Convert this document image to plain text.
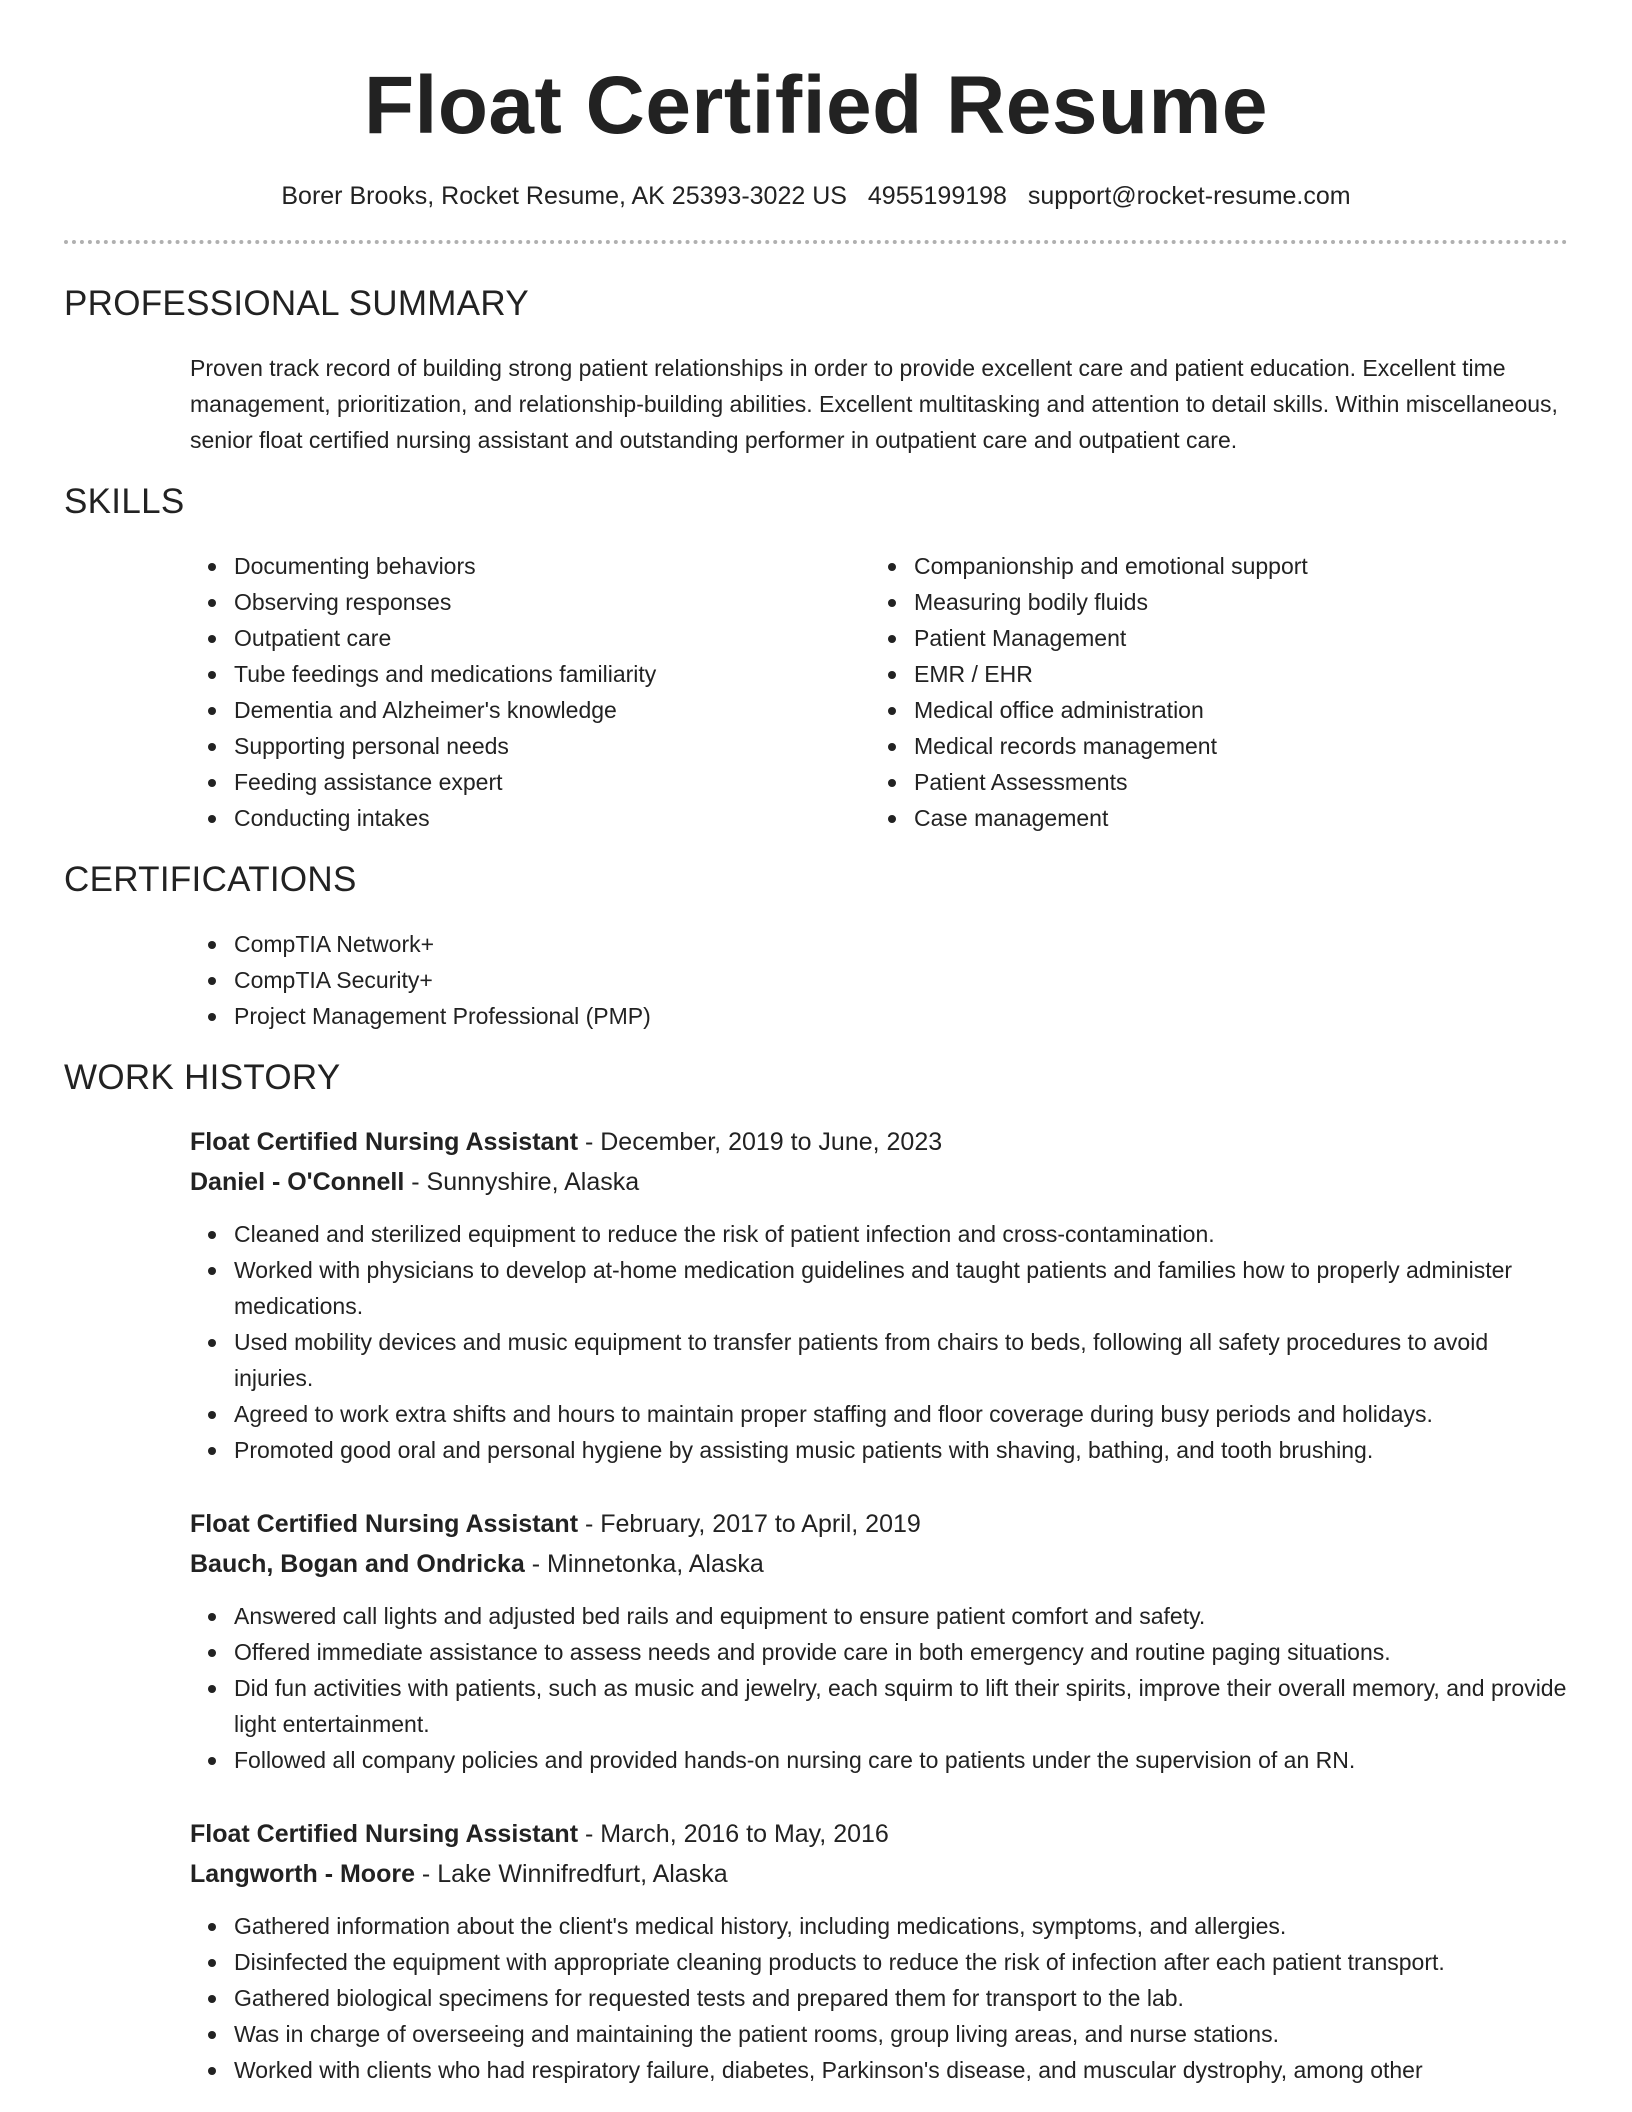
Float Certified Resume
Borer Brooks, Rocket Resume, AK 25393-3022 US 4955199198 support@rocket-resume.com
PROFESSIONAL SUMMARY

Proven track record of building strong patient relationships in order to provide excellent care and patient education. Excellent time management, prioritization, and relationship-building abilities. Excellent multitasking and attention to detail skills. Within miscellaneous, senior float certified nursing assistant and outstanding performer in outpatient care and outpatient care.

SKILLS
Documenting behaviors
Observing responses
Outpatient care
Tube feedings and medications familiarity
Dementia and Alzheimer's knowledge
Supporting personal needs
Feeding assistance expert
Conducting intakes
Companionship and emotional support
Measuring bodily fluids
Patient Management
EMR / EHR
Medical office administration
Medical records management
Patient Assessments
Case management
CERTIFICATIONS
CompTIA Network+
CompTIA Security+
Project Management Professional (PMP)
WORK HISTORY
Float Certified Nursing Assistant - December, 2019 to June, 2023
Daniel - O'Connell - Sunnyshire, Alaska
Cleaned and sterilized equipment to reduce the risk of patient infection and cross-contamination.
Worked with physicians to develop at-home medication guidelines and taught patients and families how to properly administer medications.
Used mobility devices and music equipment to transfer patients from chairs to beds, following all safety procedures to avoid injuries.
Agreed to work extra shifts and hours to maintain proper staffing and floor coverage during busy periods and holidays.
Promoted good oral and personal hygiene by assisting music patients with shaving, bathing, and tooth brushing.
Float Certified Nursing Assistant - February, 2017 to April, 2019
Bauch, Bogan and Ondricka - Minnetonka, Alaska
Answered call lights and adjusted bed rails and equipment to ensure patient comfort and safety.
Offered immediate assistance to assess needs and provide care in both emergency and routine paging situations.
Did fun activities with patients, such as music and jewelry, each squirm to lift their spirits, improve their overall memory, and provide light entertainment.
Followed all company policies and provided hands-on nursing care to patients under the supervision of an RN.
Float Certified Nursing Assistant - March, 2016 to May, 2016
Langworth - Moore - Lake Winnifredfurt, Alaska
Gathered information about the client's medical history, including medications, symptoms, and allergies.
Disinfected the equipment with appropriate cleaning products to reduce the risk of infection after each patient transport.
Gathered biological specimens for requested tests and prepared them for transport to the lab.
Was in charge of overseeing and maintaining the patient rooms, group living areas, and nurse stations.
Worked with clients who had respiratory failure, diabetes, Parkinson's disease, and muscular dystrophy, among other
